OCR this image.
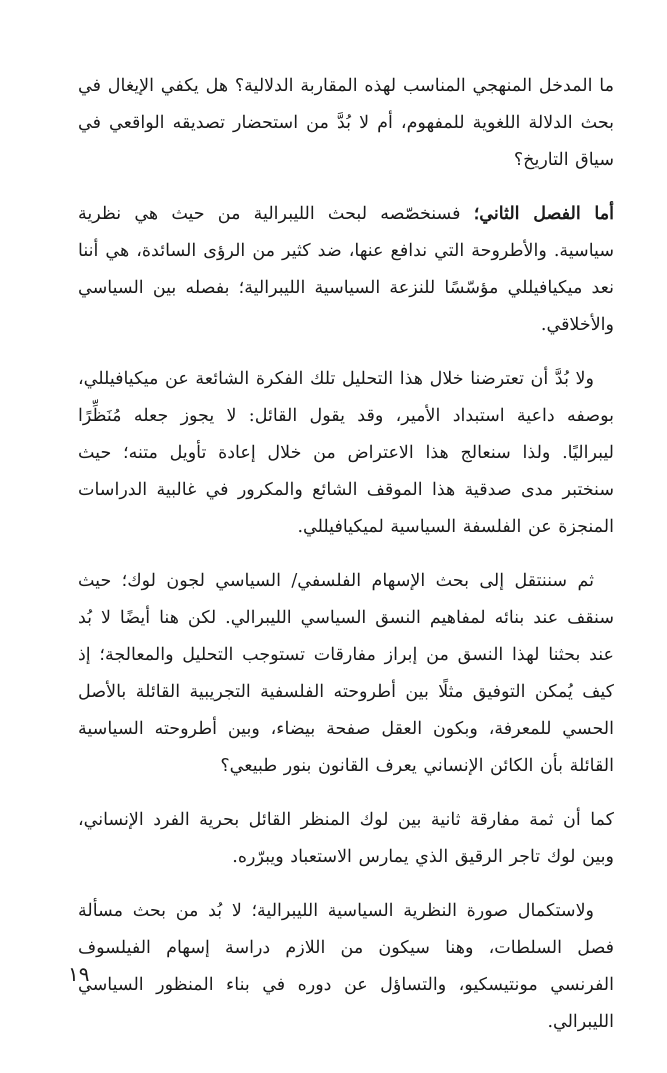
ما المدخل المنهجي المناسب لهذه المقاربة الدلالية؟ هل يكفي الإيغال في بحث الدلالة اللغوية للمفهوم، أم لا بُدَّ من استحضار تصديقه الواقعي في سياق التاريخ؟

أما الفصل الثاني؛ فسنخصّصه لبحث الليبرالية من حيث هي نظرية سياسية. والأطروحة التي ندافع عنها، ضد كثير من الرؤى السائدة، هي أننا نعد ميكيافيللي مؤسّسًا للنزعة السياسية الليبرالية؛ بفصله بين السياسي والأخلاقي.

ولا بُدَّ أن تعترضنا خلال هذا التحليل تلك الفكرة الشائعة عن ميكيافيللي، بوصفه داعية استبداد الأمير، وقد يقول القائل: لا يجوز جعله مُنَظِّرًا ليبراليًا. ولذا سنعالج هذا الاعتراض من خلال إعادة تأويل متنه؛ حيث سنختبر مدى صدقية هذا الموقف الشائع والمكرور في غالبية الدراسات المنجزة عن الفلسفة السياسية لميكيافيللي.

ثم سننتقل إلى بحث الإسهام الفلسفي/ السياسي لجون لوك؛ حيث سنقف عند بنائه لمفاهيم النسق السياسي الليبرالي. لكن هنا أيضًا لا بُد عند بحثنا لهذا النسق من إبراز مفارقات تستوجب التحليل والمعالجة؛ إذ كيف يُمكن التوفيق مثلًا بين أطروحته الفلسفية التجريبية القائلة بالأصل الحسي للمعرفة، وبكون العقل صفحة بيضاء، وبين أطروحته السياسية القائلة بأن الكائن الإنساني يعرف القانون بنور طبيعي؟

كما أن ثمة مفارقة ثانية بين لوك المنظر القائل بحرية الفرد الإنساني، وبين لوك تاجر الرقيق الذي يمارس الاستعباد ويبرّره.

ولاستكمال صورة النظرية السياسية الليبرالية؛ لا بُد من بحث مسألة فصل السلطات، وهنا سيكون من اللازم دراسة إسهام الفيلسوف الفرنسي مونتيسكيو، والتساؤل عن دوره في بناء المنظور السياسي الليبرالي.

١٩
